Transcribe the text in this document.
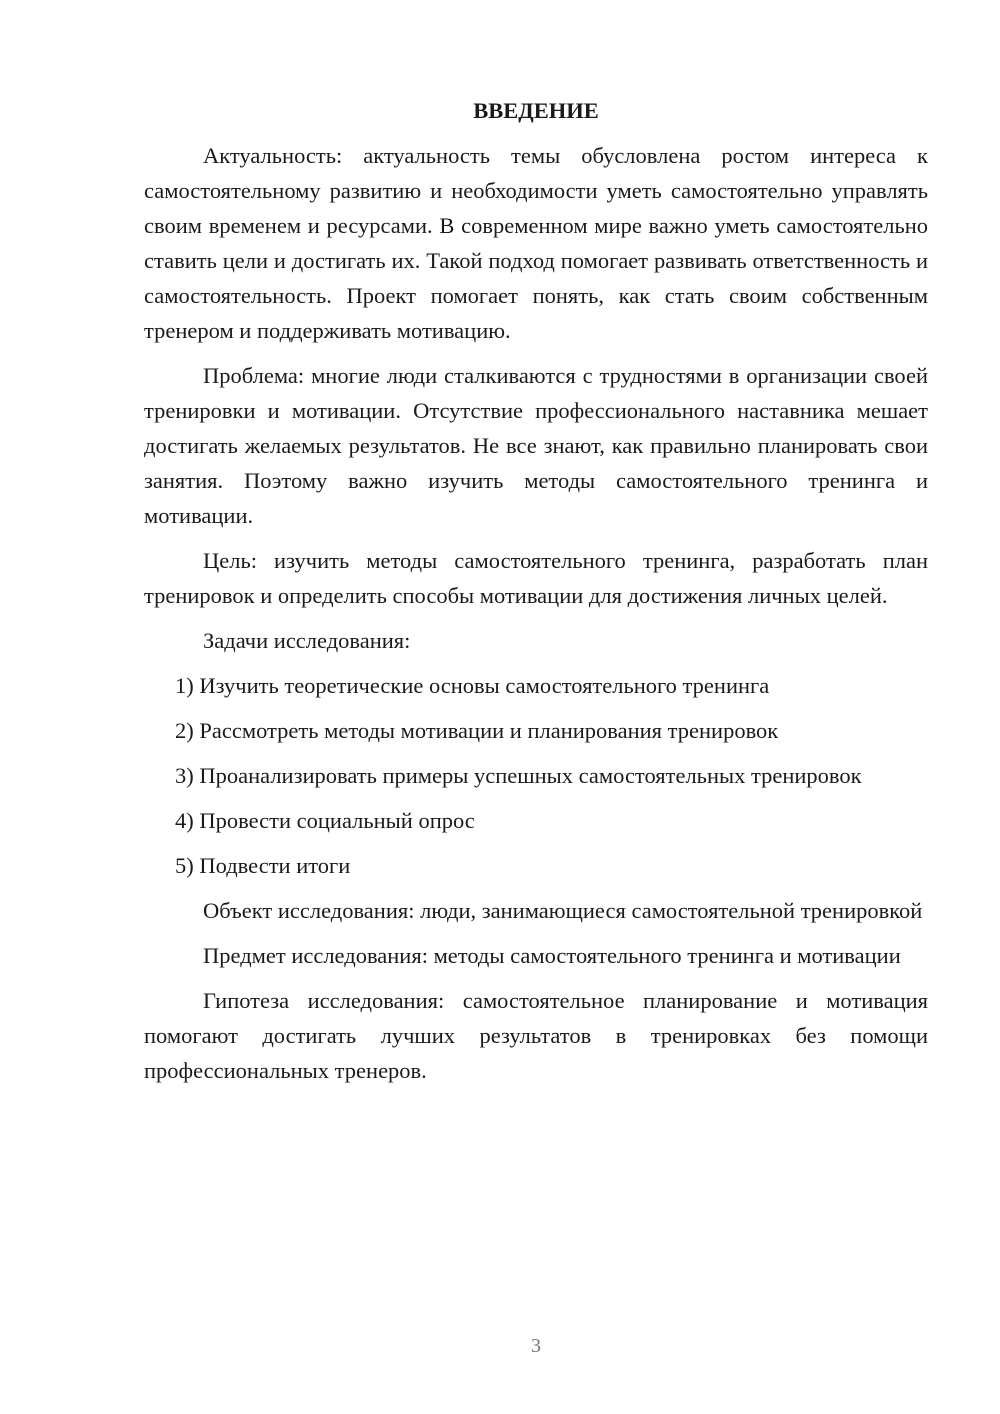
ВВЕДЕНИЕ

Актуальность: актуальность темы обусловлена ростом интереса к самостоятельному развитию и необходимости уметь самостоятельно управлять своим временем и ресурсами. В современном мире важно уметь самостоятельно ставить цели и достигать их. Такой подход помогает развивать ответственность и самостоятельность. Проект помогает понять, как стать своим собственным тренером и поддерживать мотивацию.

Проблема: многие люди сталкиваются с трудностями в организации своей тренировки и мотивации. Отсутствие профессионального наставника мешает достигать желаемых результатов. Не все знают, как правильно планировать свои занятия. Поэтому важно изучить методы самостоятельного тренинга и мотивации.

Цель: изучить методы самостоятельного тренинга, разработать план тренировок и определить способы мотивации для достижения личных целей.

Задачи исследования:

1) Изучить теоретические основы самостоятельного тренинга

2) Рассмотреть методы мотивации и планирования тренировок

3) Проанализировать примеры успешных самостоятельных тренировок

4) Провести социальный опрос

5) Подвести итоги

Объект исследования: люди, занимающиеся самостоятельной тренировкой

Предмет исследования: методы самостоятельного тренинга и мотивации

Гипотеза исследования: самостоятельное планирование и мотивация помогают достигать лучших результатов в тренировках без помощи профессиональных тренеров.

3
